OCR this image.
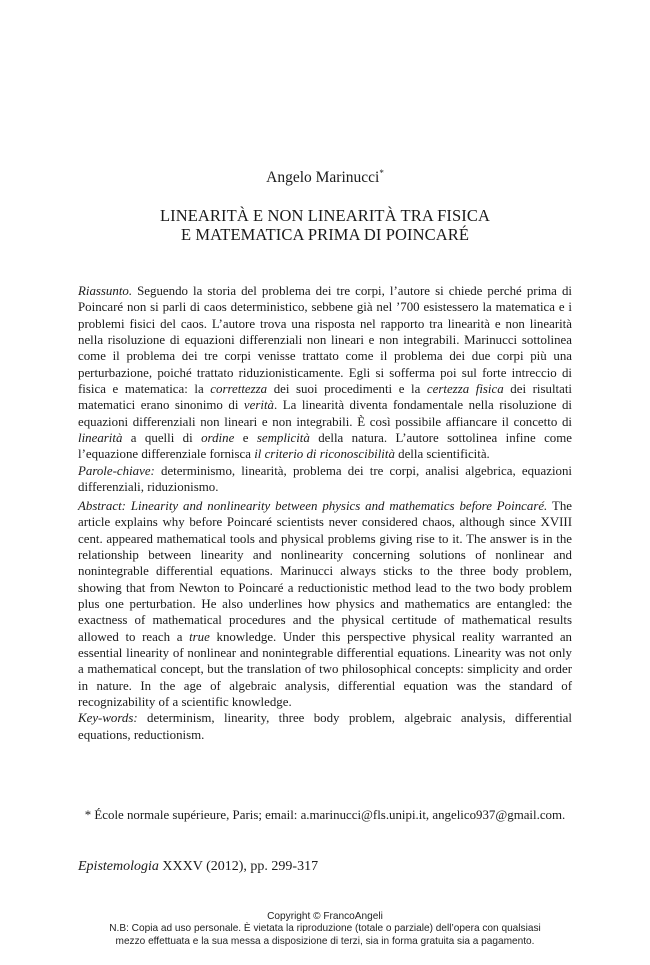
Angelo Marinucci*
LINEARITÀ E NON LINEARITÀ TRA FISICA
E MATEMATICA PRIMA DI POINCARÉ

Riassunto. Seguendo la storia del problema dei tre corpi, l’autore si chiede perché prima di Poincaré non si parli di caos deterministico, sebbene già nel ’700 esistessero la matematica e i problemi fisici del caos. L’autore trova una risposta nel rapporto tra linearità e non linearità nella risoluzione di equazioni differenziali non lineari e non integrabili. Marinucci sottolinea come il problema dei tre corpi venisse trattato come il problema dei due corpi più una perturbazione, poiché trattato riduzionisticamente. Egli si sofferma poi sul forte intreccio di fisica e matematica: la correttezza dei suoi procedimenti e la certezza fisica dei risultati matematici erano sinonimo di verità. La linearità diventa fondamentale nella risoluzione di equazioni differenziali non lineari e non integrabili. È così possibile affiancare il concetto di linearità a quelli di ordine e semplicità della natura. L’autore sottolinea infine come l’equazione differenziale fornisca il criterio di riconoscibilità della scientificità.

Parole-chiave: determinismo, linearità, problema dei tre corpi, analisi algebrica, equazioni differenziali, riduzionismo.

Abstract: Linearity and nonlinearity between physics and mathematics before Poincaré. The article explains why before Poincaré scientists never considered chaos, although since XVIII cent. appeared mathematical tools and physical problems giving rise to it. The answer is in the relationship between linearity and nonlinearity concerning solutions of nonlinear and nonintegrable differential equations. Marinucci always sticks to the three body problem, showing that from Newton to Poincaré a reductionistic method lead to the two body problem plus one perturbation. He also underlines how physics and mathematics are entangled: the exactness of mathematical procedures and the physical certitude of mathematical results allowed to reach a true knowledge. Under this perspective physical reality warranted an essential linearity of nonlinear and nonintegrable differential equations. Linearity was not only a mathematical concept, but the translation of two philosophical concepts: simplicity and order in nature. In the age of algebraic analysis, differential equation was the standard of recognizability of a scientific knowledge.

Key-words: determinism, linearity, three body problem, algebraic analysis, differential equations, reductionism.

* École normale supérieure, Paris; email: a.marinucci@fls.unipi.it, angelico937@gmail.com.
Epistemologia XXXV (2012), pp. 299-317
Copyright © FrancoAngeli
N.B: Copia ad uso personale. È vietata la riproduzione (totale o parziale) dell’opera con qualsiasi
mezzo effettuata e la sua messa a disposizione di terzi, sia in forma gratuita sia a pagamento.
